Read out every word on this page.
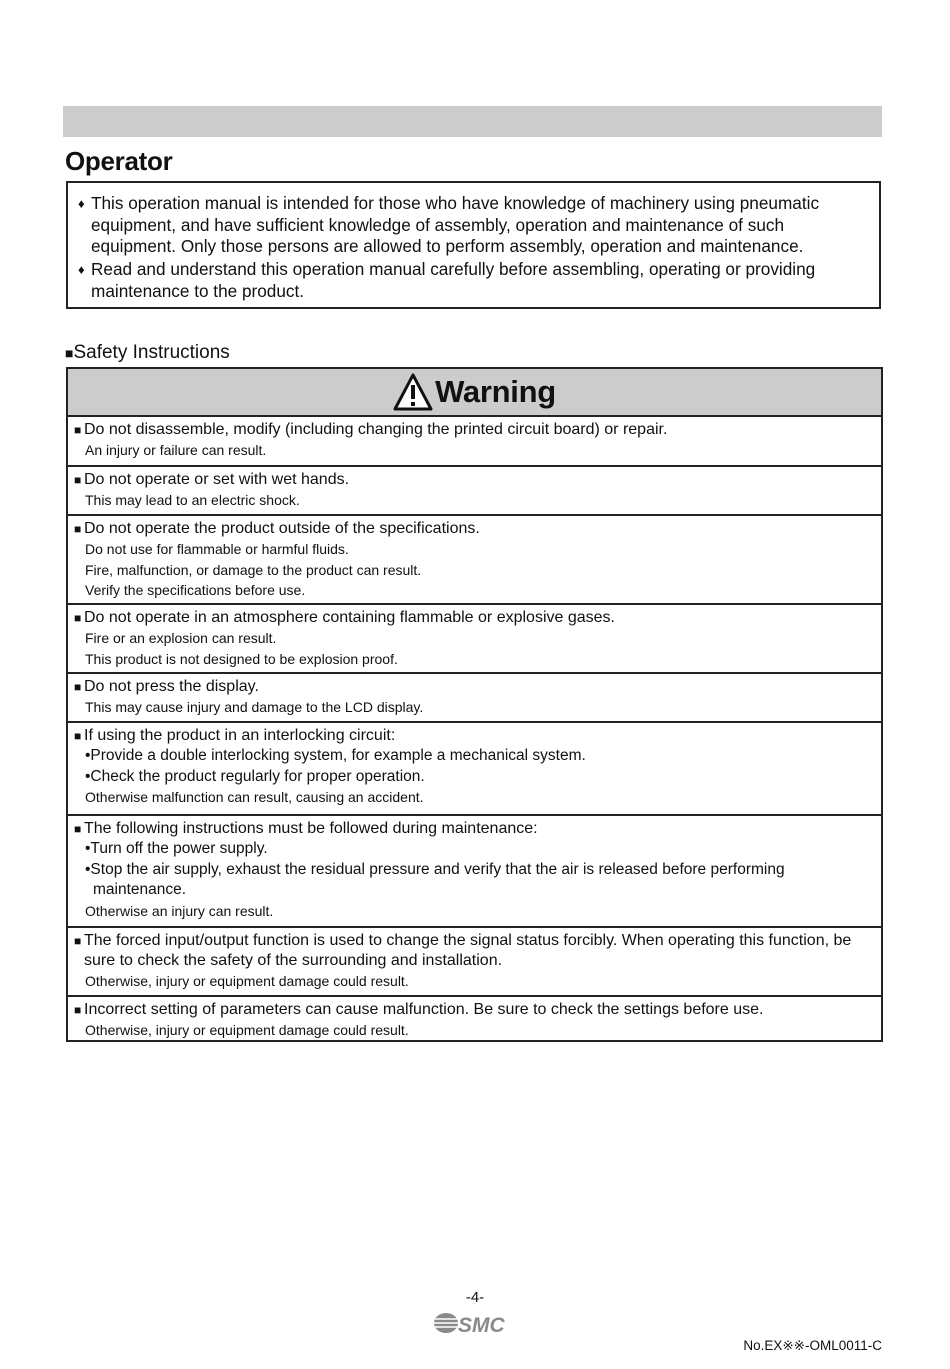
Operator
♦ This operation manual is intended for those who have knowledge of machinery using pneumatic equipment, and have sufficient knowledge of assembly, operation and maintenance of such equipment. Only those persons are allowed to perform assembly, operation and maintenance.
♦ Read and understand this operation manual carefully before assembling, operating or providing maintenance to the product.
■Safety Instructions
Warning
■ Do not disassemble, modify (including changing the printed circuit board) or repair.
An injury or failure can result.
■ Do not operate or set with wet hands.
This may lead to an electric shock.
■ Do not operate the product outside of the specifications.
Do not use for flammable or harmful fluids.
Fire, malfunction, or damage to the product can result.
Verify the specifications before use.
■ Do not operate in an atmosphere containing flammable or explosive gases.
Fire or an explosion can result.
This product is not designed to be explosion proof.
■ Do not press the display.
This may cause injury and damage to the LCD display.
■ If using the product in an interlocking circuit:
•Provide a double interlocking system, for example a mechanical system.
•Check the product regularly for proper operation.
Otherwise malfunction can result, causing an accident.
■ The following instructions must be followed during maintenance:
•Turn off the power supply.
•Stop the air supply, exhaust the residual pressure and verify that the air is released before performing
maintenance.
Otherwise an injury can result.
■ The forced input/output function is used to change the signal status forcibly. When operating this function, be sure to check the safety of the surrounding and installation.
Otherwise, injury or equipment damage could result.
■ Incorrect setting of parameters can cause malfunction. Be sure to check the settings before use.
Otherwise, injury or equipment damage could result.
-4-
SMC
No.EX※※-OML0011-C
